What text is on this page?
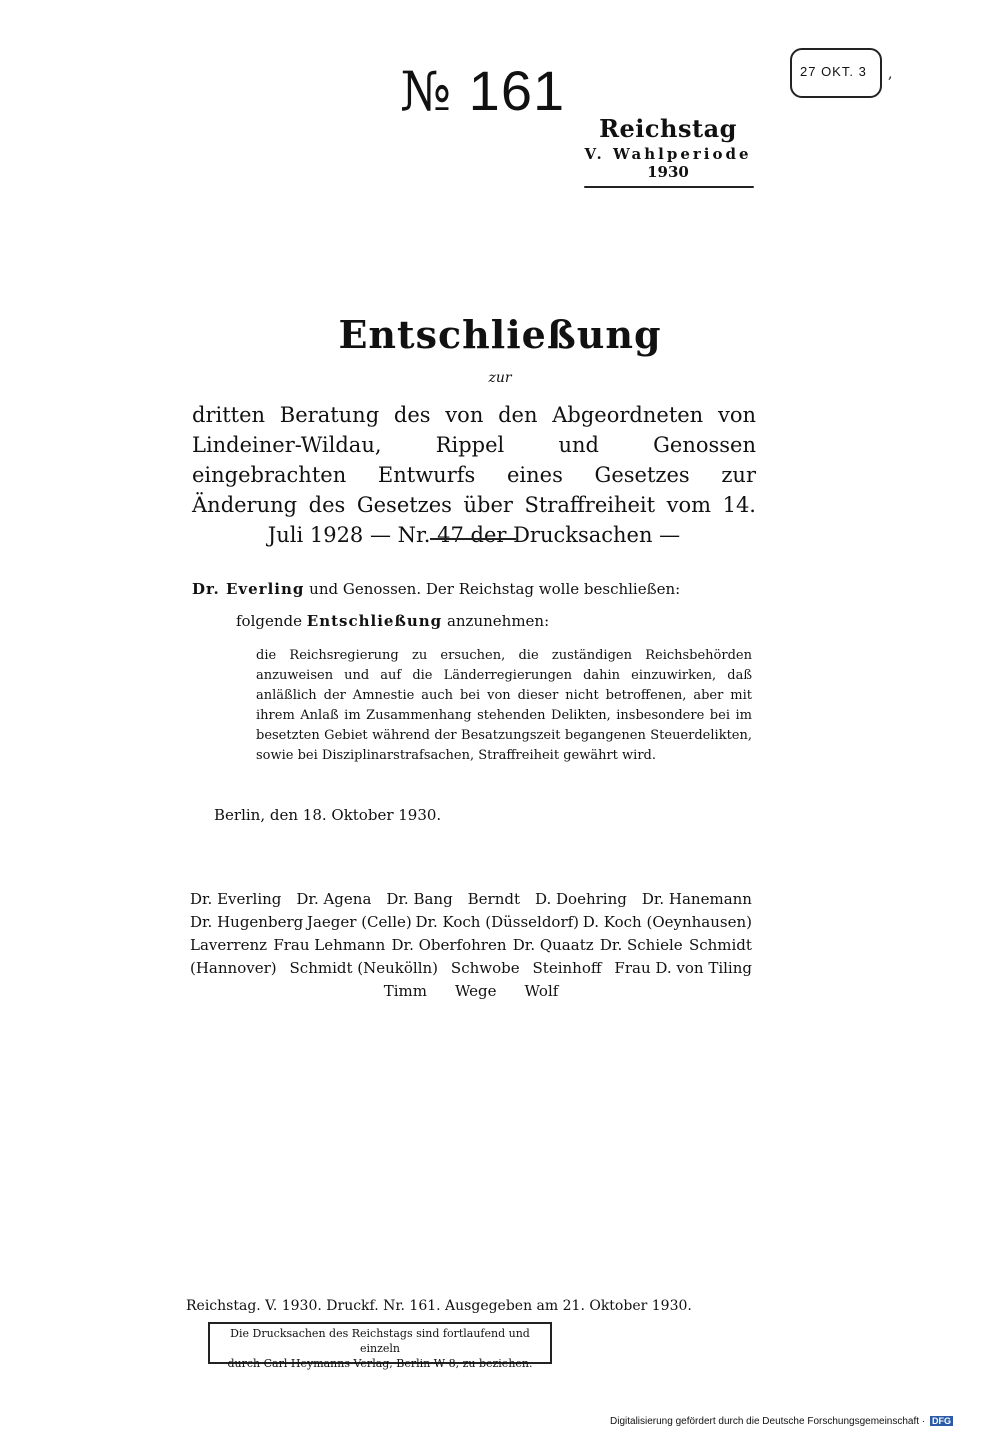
№ 161	27 OKT. 3 ,
Reichstag
V. Wahlperiode
1930
Entschließung
zur
dritten Beratung des von den Abgeordneten von Lindeiner-Wildau, Rippel und Genossen eingebrachten Entwurfs eines Gesetzes zur Änderung des Gesetzes über Straffreiheit vom 14. Juli 1928 — Nr. 47 der Drucksachen —
Dr. Everling und Genossen. Der Reichstag wolle beschließen:
folgende Entschließung anzunehmen:
die Reichsregierung zu ersuchen, die zuständigen Reichsbehörden anzuweisen und auf die Länderregierungen dahin einzuwirken, daß anläßlich der Amnestie auch bei von dieser nicht betroffenen, aber mit ihrem Anlaß im Zusammenhang stehenden Delikten, insbesondere bei im besetzten Gebiet während der Besatzungszeit begangenen Steuerdelikten, sowie bei Disziplinarstrafsachen, Straffreiheit gewährt wird.
Berlin, den 18. Oktober 1930.
Dr. Everling Dr. Agena Dr. Bang Berndt D. Doehring Dr. Hanemann
Dr. Hugenberg Jaeger (Celle) Dr. Koch (Düsseldorf) D. Koch (Oeynhausen)
Laverrenz Frau Lehmann Dr. Oberfohren Dr. Quaatz Dr. Schiele Schmidt
(Hannover) Schmidt (Neukölln) Schwobe Steinhoff Frau D. von Tiling
Timm Wege Wolf
Reichstag. V. 1930. Druckf. Nr. 161. Ausgegeben am 21. Oktober 1930.
Die Drucksachen des Reichstags sind fortlaufend und einzeln
durch Carl Heymanns Verlag, Berlin W 8, zu beziehen.
Digitalisierung gefördert durch die Deutsche Forschungsgemeinschaft · DFG
